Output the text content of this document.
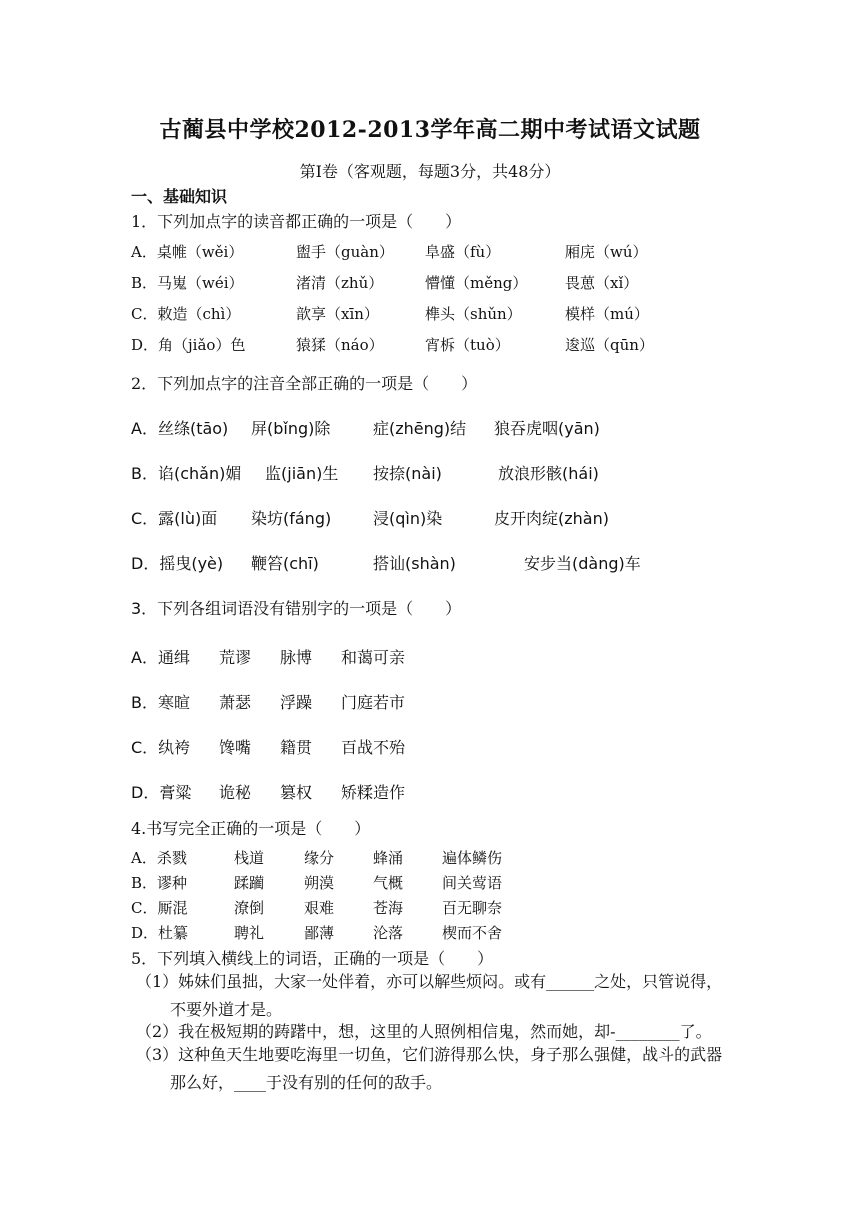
古蔺县中学校2012-2013学年高二期中考试语文试题
第Ⅰ卷（客观题，每题3分，共48分）
一、基础知识
1．下列加点字的读音都正确的一项是（　　）
A．桌帷（wěi）	盥手（guàn） 阜盛（fù）	厢庑（wú）
B．马嵬（wéi）	渚清（zhǔ）	懵懂（měng）	畏葸（xǐ）
C．敕造（chì）	歆享（xīn）	榫头（shǔn）	模样（mú）
D．角（jiǎo）色	猿猱（náo）	宵柝（tuò）	逡巡（qūn）
2．下列加点字的注音全部正确的一项是（　　）
A．丝绦(tāo) 屏(bǐng)除	症(zhēng)结 狼吞虎咽(yān)
B．谄(chǎn)媚 监(jiān)生 按捺(nài)	放浪形骸(hái)
C．露(lù)面 染坊(fáng)	浸(qìn)染	皮开肉绽(zhàn)
D．摇曳(yè) 鞭笞(chī)	搭讪(shàn)	安步当(dàng)车
3．下列各组词语没有错别字的一项是（　　）
A．通缉 荒谬 脉博 和蔼可亲
B．寒暄 萧瑟 浮躁 门庭若市
C．纨袴 馋嘴 籍贯 百战不殆
D．膏粱 诡秘 篡权 矫糅造作
4.书写完全正确的一项是（　　）
A．杀戮	栈道	缘分	蜂涌	遍体鳞伤
B．谬种	蹂躏	朔漠	气概	间关莺语
C．厮混	潦倒	艰难	苍海	百无聊奈
D．杜纂	聘礼	鄙薄	沦落	楔而不舍
5．下列填入横线上的词语，正确的一项是（　　）
（1）姊妹们虽拙，大家一处伴着，亦可以解些烦闷。或有______之处，只管说得，不要外道才是。
（2）我在极短期的踌躇中，想，这里的人照例相信鬼，然而她，却-________了。
（3）这种鱼天生地要吃海里一切鱼，它们游得那么快，身子那么强健，战斗的武器那么好，____于没有别的任何的敌手。
